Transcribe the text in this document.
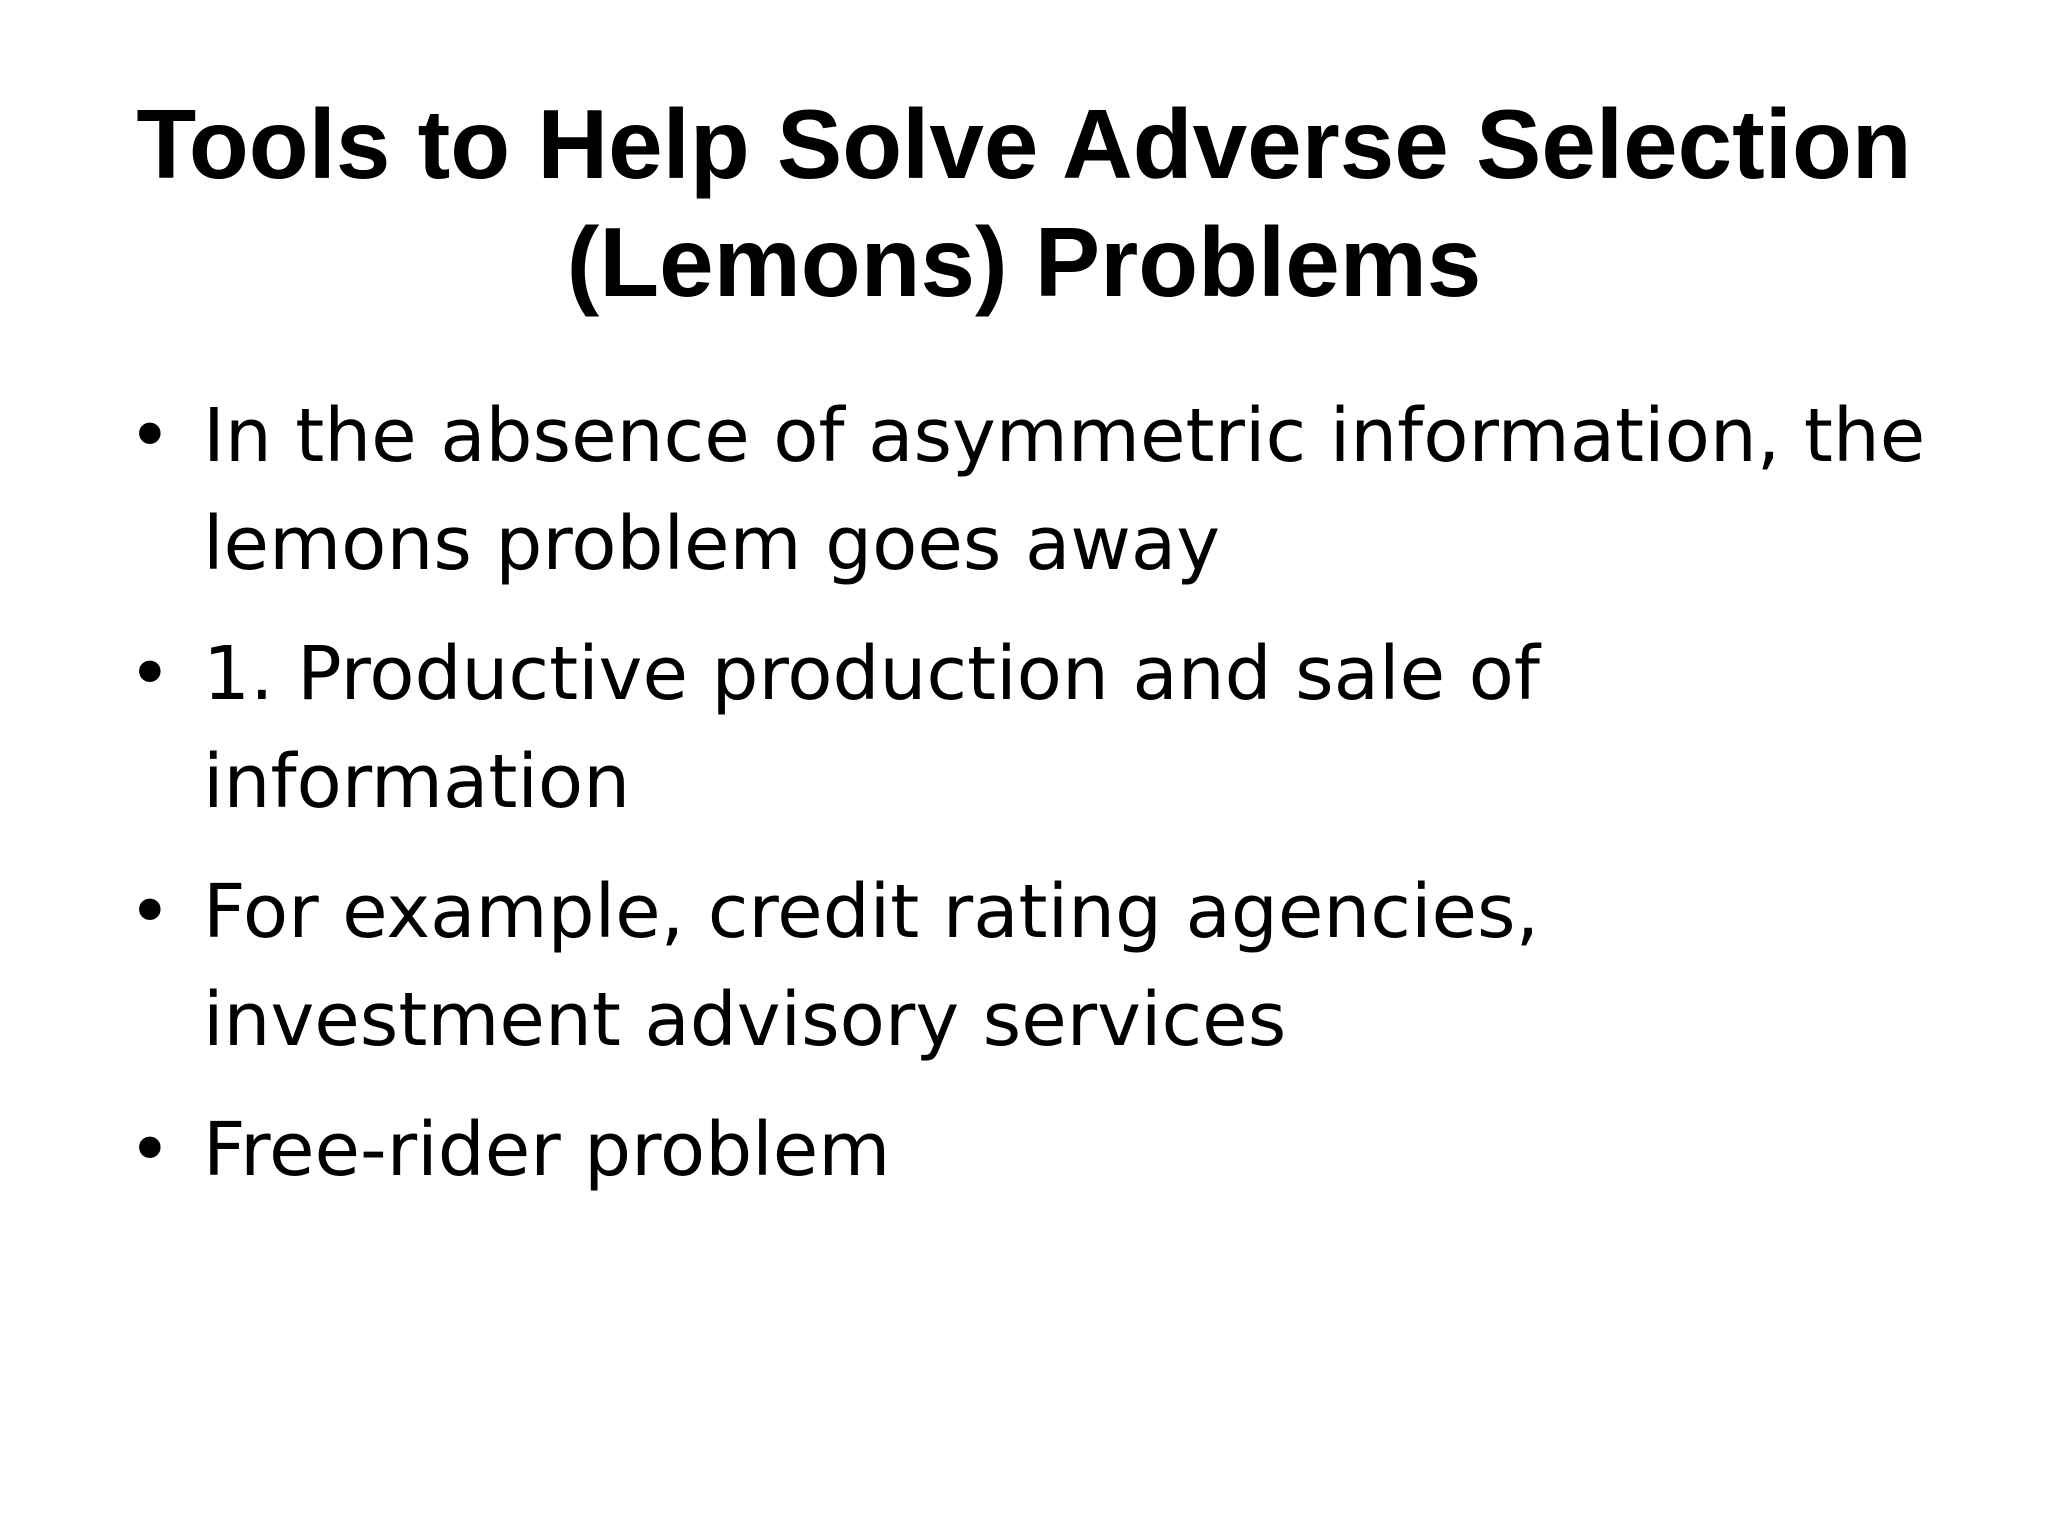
Tools to Help Solve Adverse Selection
(Lemons) Problems
• In the absence of asymmetric information, the
lemons problem goes away
• 1. Productive production and sale of
information
• For example, credit rating agencies,
investment advisory services
• Free-rider problem
